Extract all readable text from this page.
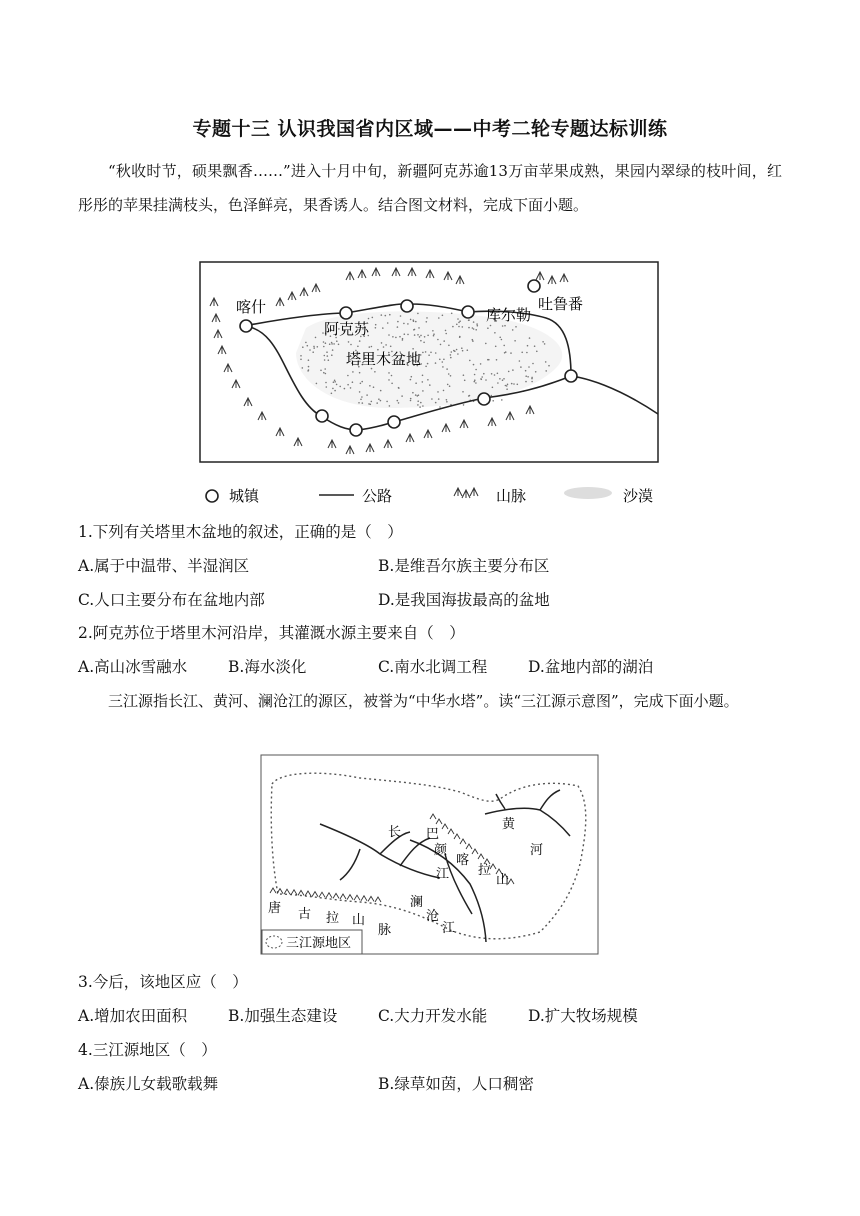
专题十三 认识我国省内区域——中考二轮专题达标训练
“秋收时节，硕果飘香……”进入十月中旬，新疆阿克苏逾13万亩苹果成熟，果园内翠绿的枝叶间，红彤彤的苹果挂满枝头，色泽鲜亮，果香诱人。结合图文材料，完成下面小题。
喀什
阿克苏
塔里木盆地
库尔勒
吐鲁番
城镇	公路	山脉	沙漠
1.下列有关塔里木盆地的叙述，正确的是（　）
A.属于中温带、半湿润区	B.是维吾尔族主要分布区
C.人口主要分布在盆地内部	D.是我国海拔最高的盆地
2.阿克苏位于塔里木河沿岸，其灌溉水源主要来自（　）
A.高山冰雪融水	B.海水淡化	C.南水北调工程	D.盆地内部的湖泊
三江源指长江、黄河、澜沧江的源区，被誉为“中华水塔”。读“三江源示意图”，完成下面小题。
长
江
巴
颜
喀
拉
山
黄
河
唐 古 拉 山
脉
澜
沧
江
三江源地区
3.今后，该地区应（　）
A.增加农田面积	B.加强生态建设	C.大力开发水能	D.扩大牧场规模
4.三江源地区（　）
A.傣族儿女载歌载舞	B.绿草如茵，人口稠密
